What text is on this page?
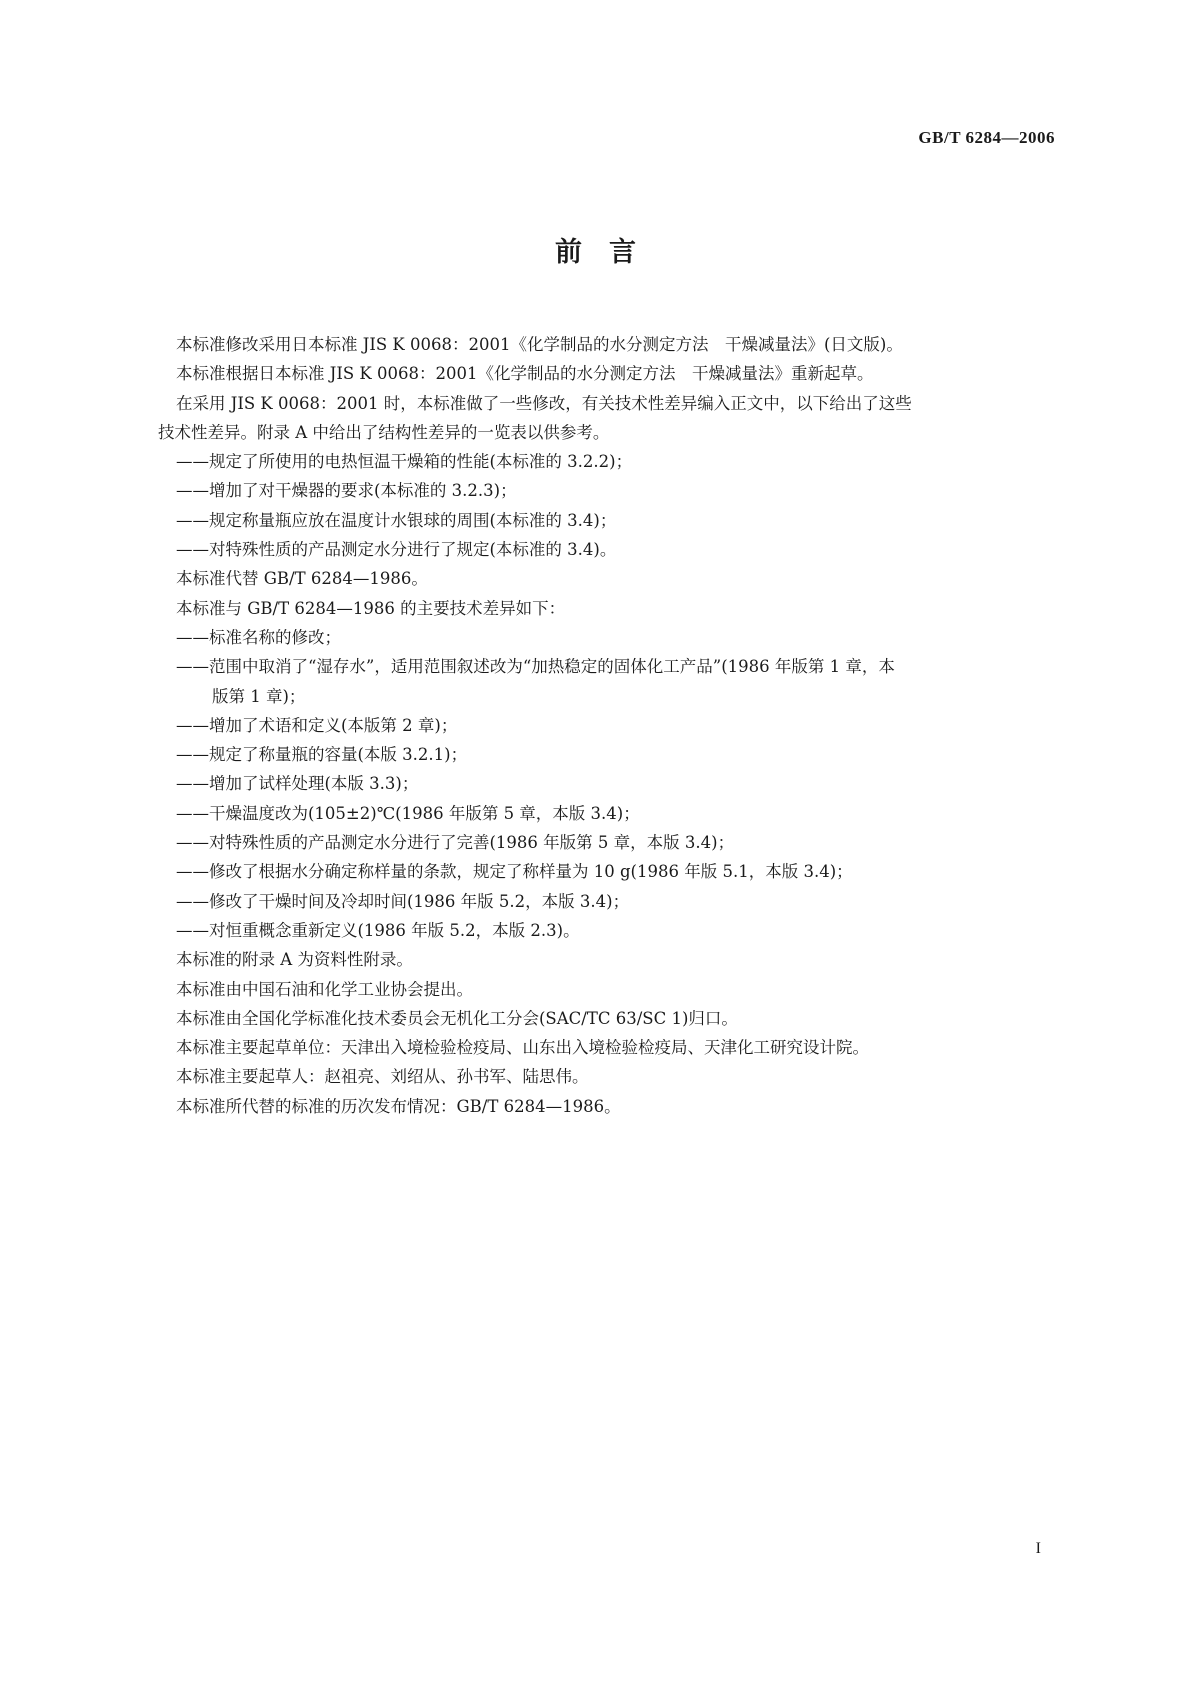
GB/T 6284—2006
前　言
本标准修改采用日本标准 JIS K 0068：2001《化学制品的水分测定方法　干燥减量法》(日文版)。
本标准根据日本标准 JIS K 0068：2001《化学制品的水分测定方法　干燥减量法》重新起草。
在采用 JIS K 0068：2001 时，本标准做了一些修改，有关技术性差异编入正文中，以下给出了这些
技术性差异。附录 A 中给出了结构性差异的一览表以供参考。
——规定了所使用的电热恒温干燥箱的性能(本标准的 3.2.2)；
——增加了对干燥器的要求(本标准的 3.2.3)；
——规定称量瓶应放在温度计水银球的周围(本标准的 3.4)；
——对特殊性质的产品测定水分进行了规定(本标准的 3.4)。
本标准代替 GB/T 6284—1986。
本标准与 GB/T 6284—1986 的主要技术差异如下：
——标准名称的修改；
——范围中取消了“湿存水”，适用范围叙述改为“加热稳定的固体化工产品”(1986 年版第 1 章，本
版第 1 章)；
——增加了术语和定义(本版第 2 章)；
——规定了称量瓶的容量(本版 3.2.1)；
——增加了试样处理(本版 3.3)；
——干燥温度改为(105±2)℃(1986 年版第 5 章，本版 3.4)；
——对特殊性质的产品测定水分进行了完善(1986 年版第 5 章，本版 3.4)；
——修改了根据水分确定称样量的条款，规定了称样量为 10 g(1986 年版 5.1，本版 3.4)；
——修改了干燥时间及冷却时间(1986 年版 5.2，本版 3.4)；
——对恒重概念重新定义(1986 年版 5.2，本版 2.3)。
本标准的附录 A 为资料性附录。
本标准由中国石油和化学工业协会提出。
本标准由全国化学标准化技术委员会无机化工分会(SAC/TC 63/SC 1)归口。
本标准主要起草单位：天津出入境检验检疫局、山东出入境检验检疫局、天津化工研究设计院。
本标准主要起草人：赵祖亮、刘绍从、孙书军、陆思伟。
本标准所代替的标准的历次发布情况：GB/T 6284—1986。
I
